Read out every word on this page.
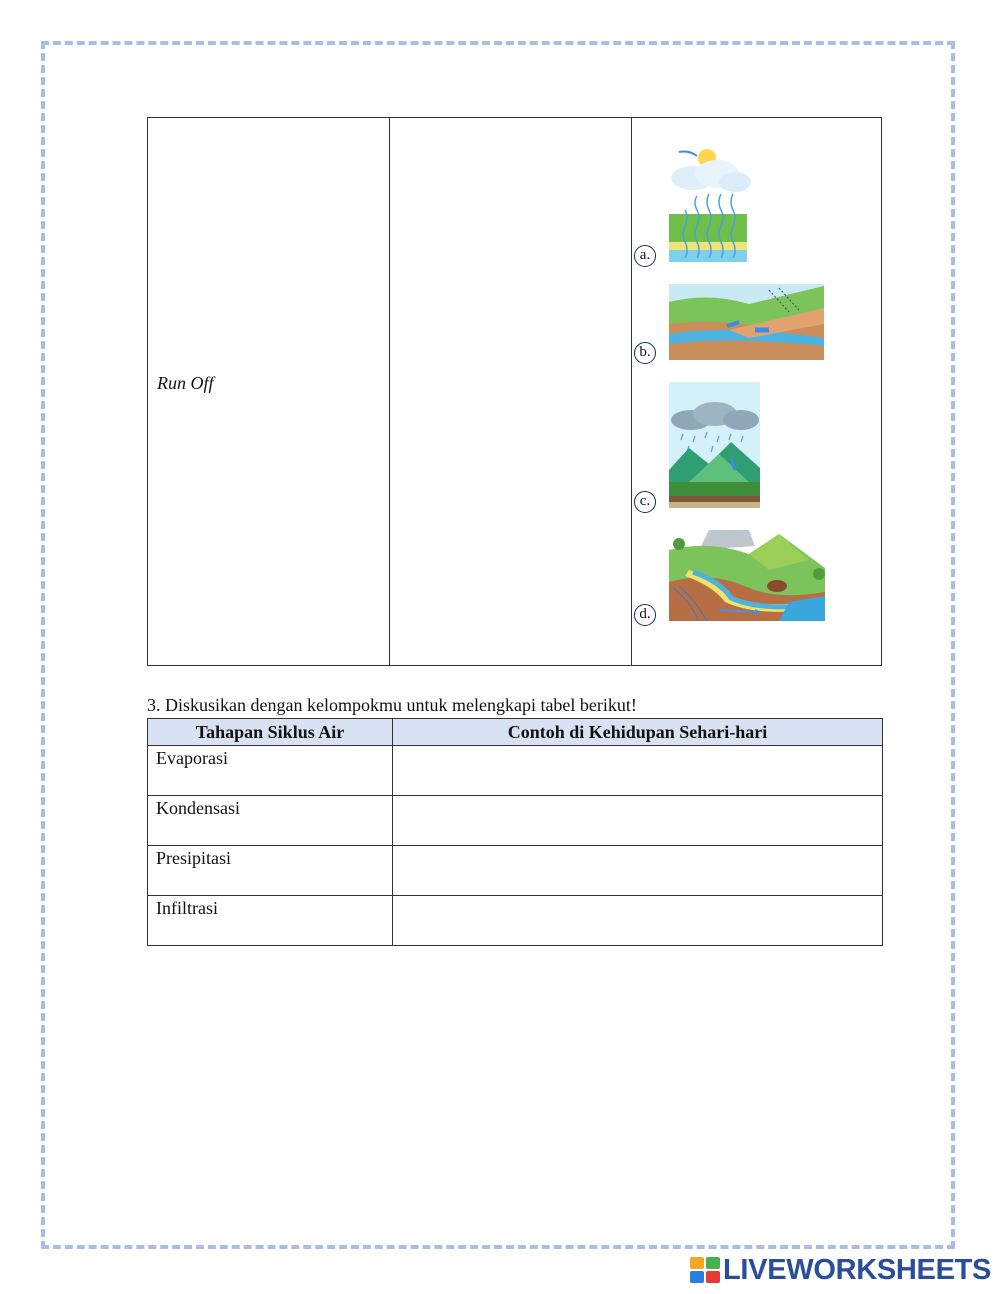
Run Off
a.
b.
c.
d.
3. Diskusikan dengan kelompokmu untuk melengkapi tabel berikut!
Tahapan Siklus Air	Contoh di Kehidupan Sehari-hari
Evaporasi	
Kondensasi	
Presipitasi	
Infiltrasi	
LIVEWORKSHEETS
